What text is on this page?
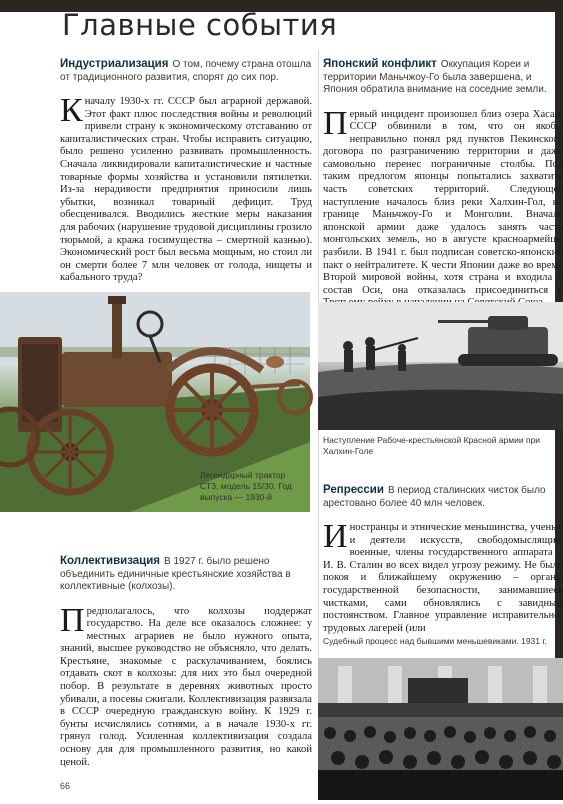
Главные события
Индустриализация О том, почему страна отошла от традиционного развития, спорят до сих пор.
Кначалу 1930-х гг. СССР был аграрной державой. Этот факт плюс последствия войны и революций привели страну к экономическому отставанию от капиталистических стран. Чтобы исправить ситуацию, было решено усиленно развивать промышленность. Сначала ликвидировали капиталистические и частные товарные формы хозяйства и установили пятилетки. Из-за нерадивости предприятия приносили лишь убытки, возникал товарный дефицит. Труд обесценивался. Вводились жесткие меры наказания для рабочих (нарушение трудовой дисциплины грозило тюрьмой, а кража госимущества – смертной казнью). Экономический рост был весьма мощным, но стоил ли он смерти более 7 млн человек от голода, нищеты и кабального труда?
Японский конфликт Оккупация Кореи и территории Маньчжоу-Го была завершена, и Япония обратила внимание на соседние земли.
Первый инцидент произошел близ озера Хасан. СССР обвинили в том, что он якобы неправильно понял ряд пунктов Пекинского договора по разграничению территории и даже самовольно перенес пограничные столбы. Под таким предлогом японцы попытались захватить часть советских территорий. Следующее наступление началось близ реки Халхин-Гол, на границе Маньчжоу-Го и Монголии. Вначале японской армии даже удалось занять часть монгольских земель, но в августе красноармейцы разбили. В 1941 г. был подписан советско-японский пакт о нейтралитете. К чести Японии даже во время Второй мировой войны, хотя страна и входила в состав Оси, она отказалась присоединиться к
Легендарный трактор СТЗ, модель 15/30. Год выпуска — 1930-й
Наступление Рабоче-крестьянской Красной армии при Халхин-Голе
Репрессии В период сталинских чисток было арестовано более 40 млн человек.
Иностранцы и этнические меньшинства, ученые и деятели искусств, свободомыслящие, военные, члены государственного аппарата – И. В. Сталин во всех видел угрозу режиму. Не было покоя и ближайшему окружению – органы государственной безопасности, занимавшиеся чистками, сами обновлялись с завидным постоянством. Главное управление исправительно-трудовых лагерей (или
Судебный процесс над бывшими меньшевиками. 1931 г.
Коллективизация В 1927 г. было решено объединить единичные крестьянские хозяйства в коллективные (колхозы).
Предполагалось, что колхозы поддержат государство. На деле все оказалось сложнее: у местных аграриев не было нужного опыта, знаний, высшее руководство не объясняло, что делать. Крестьяне, знакомые с раскулачиванием, боялись отдавать скот в колхозы: для них это был очередной побор. В результате в деревнях животных просто убивали, а посевы сжигали. Коллективизация развязала в СССР очередную гражданскую войну. К 1929 г. бунты исчислялись сотнями, а в начале 1930-х гг. грянул голод. Усиленная коллективизация создала основу для для промышленного развития, но какой ценой.
66
